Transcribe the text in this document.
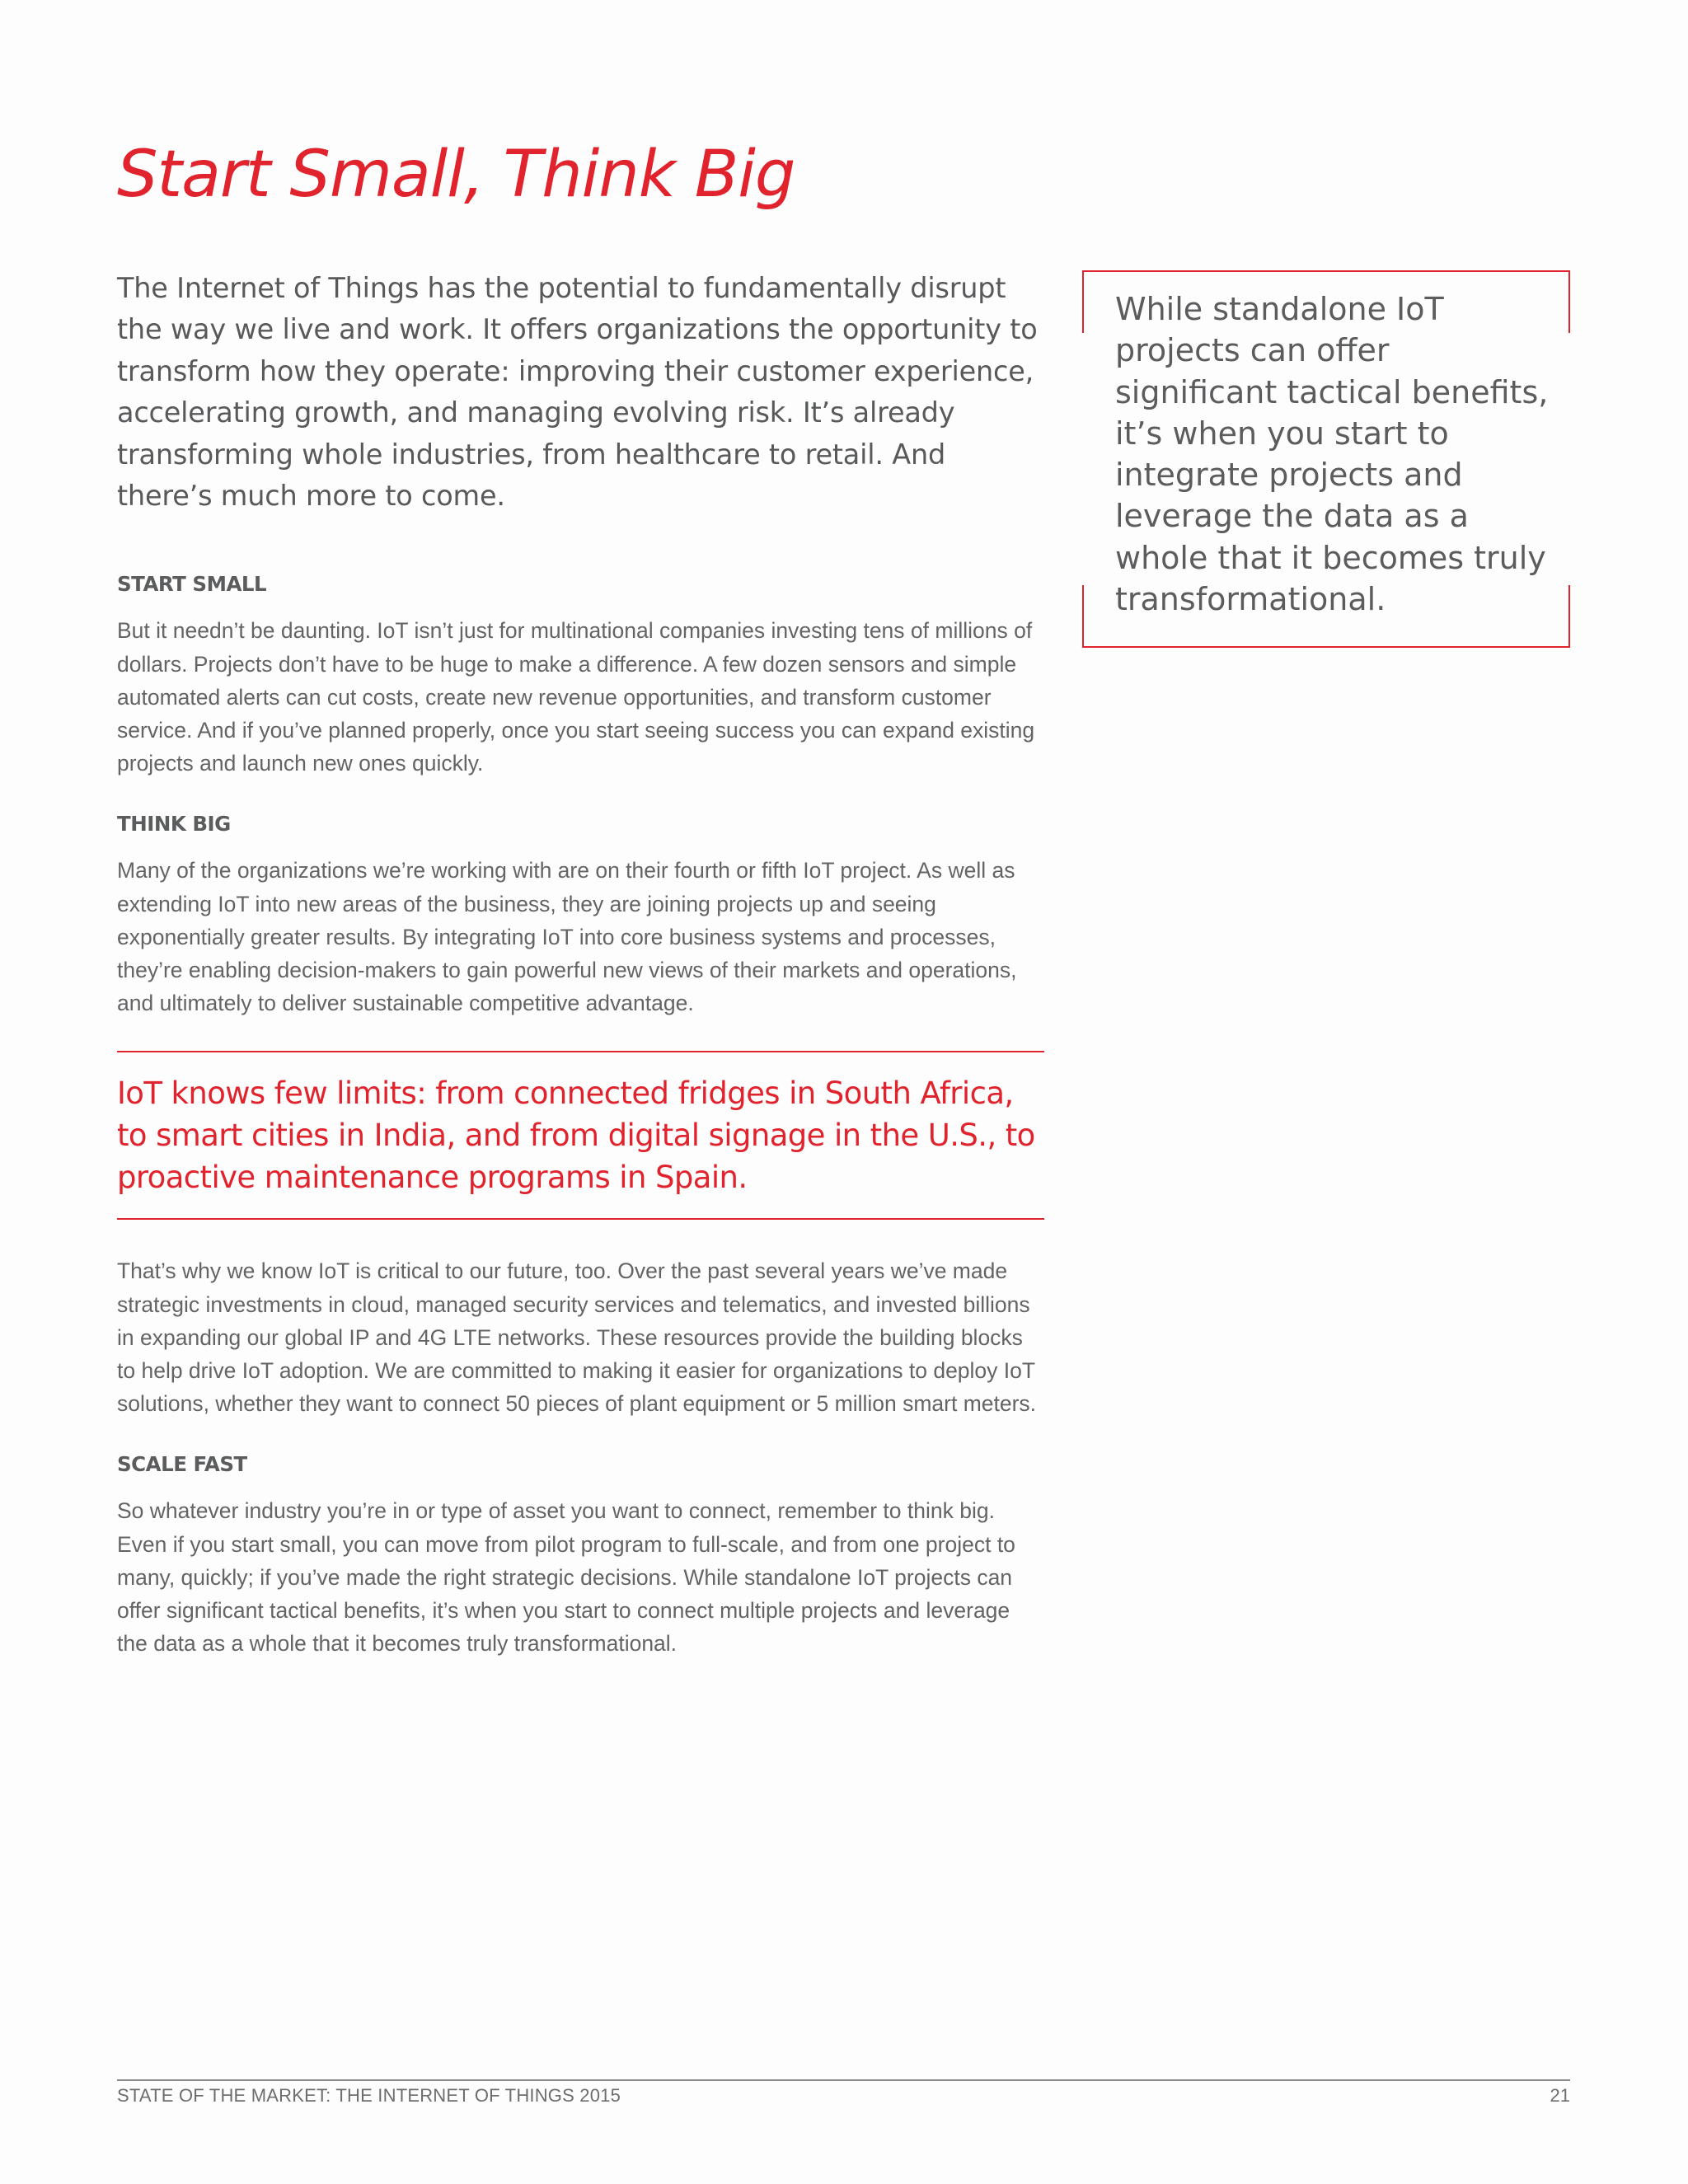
Start Small, Think Big

The Internet of Things has the potential to fundamentally disrupt the way we live and work. It offers organizations the opportunity to transform how they operate: improving their customer experience, accelerating growth, and managing evolving risk. It’s already transforming whole industries, from healthcare to retail. And there’s much more to come.

START SMALL

But it needn’t be daunting. IoT isn’t just for multinational companies investing tens of millions of dollars. Projects don’t have to be huge to make a difference. A few dozen sensors and simple automated alerts can cut costs, create new revenue opportunities, and transform customer service. And if you’ve planned properly, once you start seeing success you can expand existing projects and launch new ones quickly.

THINK BIG

Many of the organizations we’re working with are on their fourth or fifth IoT project. As well as extending IoT into new areas of the business, they are joining projects up and seeing exponentially greater results. By integrating IoT into core business systems and processes, they’re enabling decision-makers to gain powerful new views of their markets and operations, and ultimately to deliver sustainable competitive advantage.

IoT knows few limits: from connected fridges in South Africa, to smart cities in India, and from digital signage in the U.S., to proactive maintenance programs in Spain.

That’s why we know IoT is critical to our future, too. Over the past several years we’ve made strategic investments in cloud, managed security services and telematics, and invested billions in expanding our global IP and 4G LTE networks. These resources provide the building blocks to help drive IoT adoption. We are committed to making it easier for organizations to deploy IoT solutions, whether they want to connect 50 pieces of plant equipment or 5 million smart meters.

SCALE FAST

So whatever industry you’re in or type of asset you want to connect, remember to think big. Even if you start small, you can move from pilot program to full-scale, and from one project to many, quickly; if you’ve made the right strategic decisions. While standalone IoT projects can offer significant tactical benefits, it’s when you start to connect multiple projects and leverage the data as a whole that it becomes truly transformational.

While standalone IoT projects can offer significant tactical benefits, it’s when you start to integrate projects and leverage the data as a whole that it becomes truly transformational.

STATE OF THE MARKET: THE INTERNET OF THINGS 2015	21
